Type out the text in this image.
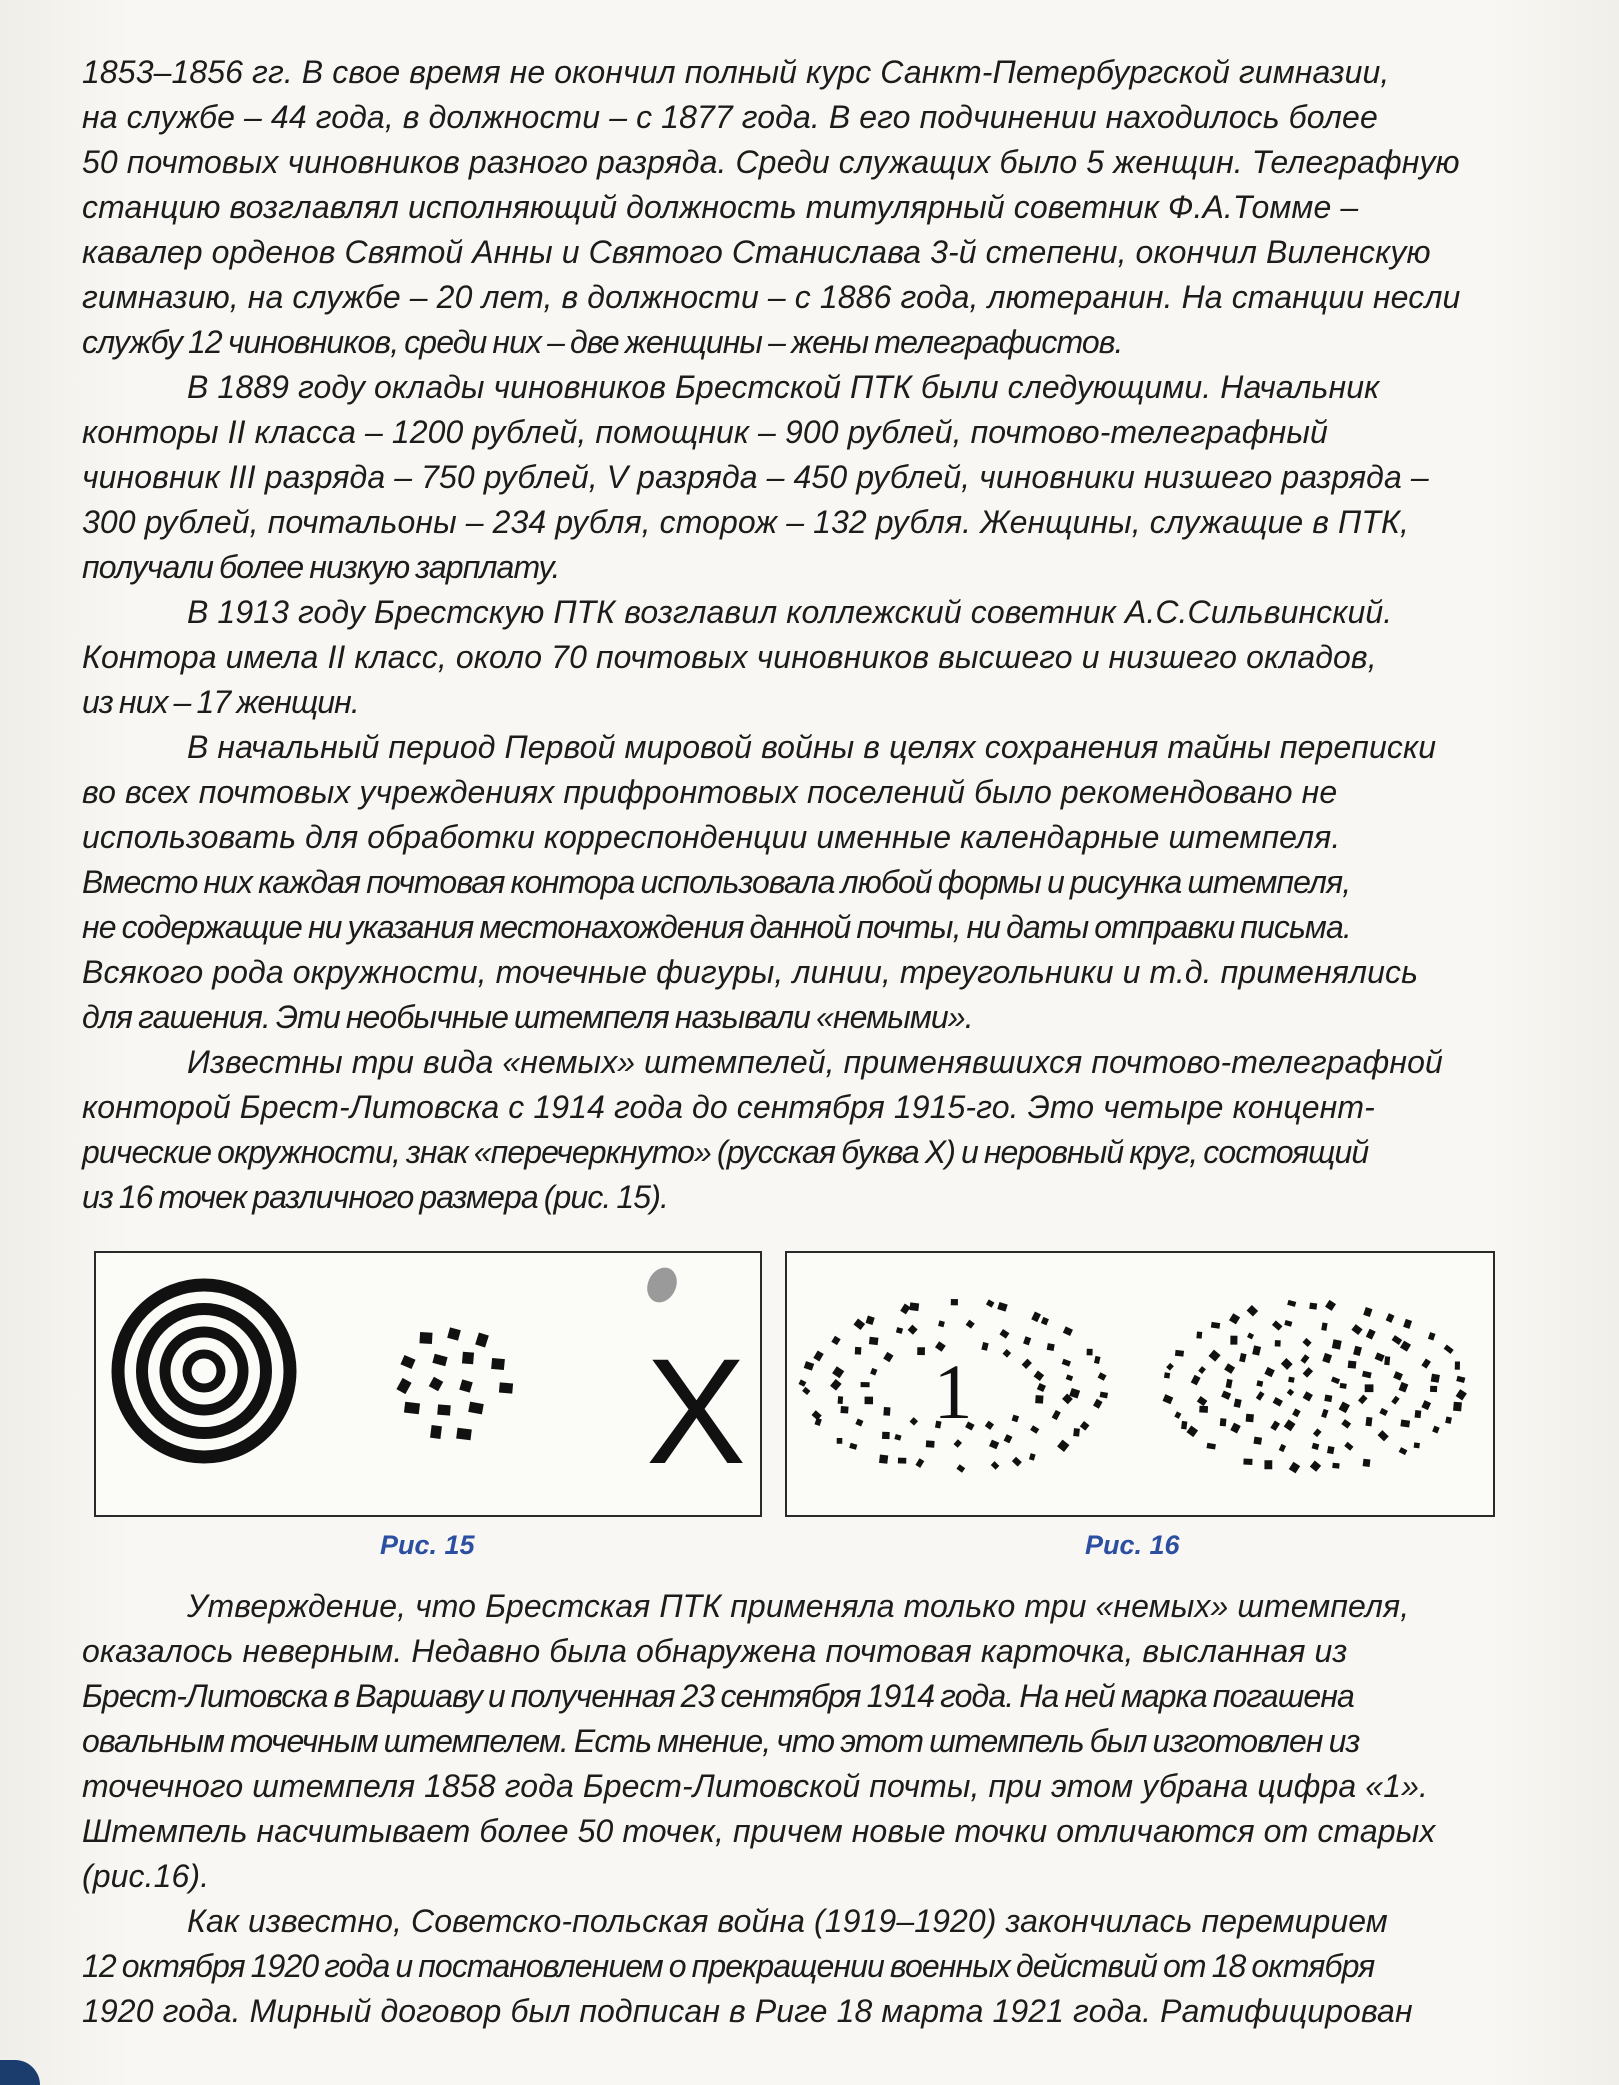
1853–1856 гг. В свое время не окончил полный курс Санкт-Петербургской гимназии,
на службе – 44 года, в должности – с 1877 года. В его подчинении находилось более
50 почтовых чиновников разного разряда. Среди служащих было 5 женщин. Телеграфную
станцию возглавлял исполняющий должность титулярный советник Ф.А.Томме –
кавалер орденов Святой Анны и Святого Станислава 3-й степени, окончил Виленскую
гимназию, на службе – 20 лет, в должности – с 1886 года, лютеранин. На станции несли
службу 12 чиновников, среди них – две женщины – жены телеграфистов.

В 1889 году оклады чиновников Брестской ПТК были следующими. Начальник
конторы II класса – 1200 рублей, помощник – 900 рублей, почтово-телеграфный
чиновник III разряда – 750 рублей, V разряда – 450 рублей, чиновники низшего разряда –
300 рублей, почтальоны – 234 рубля, сторож – 132 рубля. Женщины, служащие в ПТК,
получали более низкую зарплату.

В 1913 году Брестскую ПТК возглавил коллежский советник А.С.Сильвинский.
Контора имела II класс, около 70 почтовых чиновников высшего и низшего окладов,
из них – 17 женщин.

В начальный период Первой мировой войны в целях сохранения тайны переписки
во всех почтовых учреждениях прифронтовых поселений было рекомендовано не
использовать для обработки корреспонденции именные календарные штемпеля.
Вместо них каждая почтовая контора использовала любой формы и рисунка штемпеля,
не содержащие ни указания местонахождения данной почты, ни даты отправки письма.
Всякого рода окружности, точечные фигуры, линии, треугольники и т.д. применялись
для гашения. Эти необычные штемпеля называли «немыми».

Известны три вида «немых» штемпелей, применявшихся почтово-телеграфной
конторой Брест-Литовска с 1914 года до сентября 1915-го. Это четыре концент-
рические окружности, знак «перечеркнуто» (русская буква Х) и неровный круг, состоящий
из 16 точек различного размера (рис. 15).

X
Рис. 15
1
Рис. 16

Утверждение, что Брестская ПТК применяла только три «немых» штемпеля,
оказалось неверным. Недавно была обнаружена почтовая карточка, высланная из
Брест-Литовска в Варшаву и полученная 23 сентября 1914 года. На ней марка погашена
овальным точечным штемпелем. Есть мнение, что этот штемпель был изготовлен из
точечного штемпеля 1858 года Брест-Литовской почты, при этом убрана цифра «1».
Штемпель насчитывает более 50 точек, причем новые точки отличаются от старых
(рис.16).

Как известно, Советско-польская война (1919–1920) закончилась перемирием
12 октября 1920 года и постановлением о прекращении военных действий от 18 октября
1920 года. Мирный договор был подписан в Риге 18 марта 1921 года. Ратифицирован
